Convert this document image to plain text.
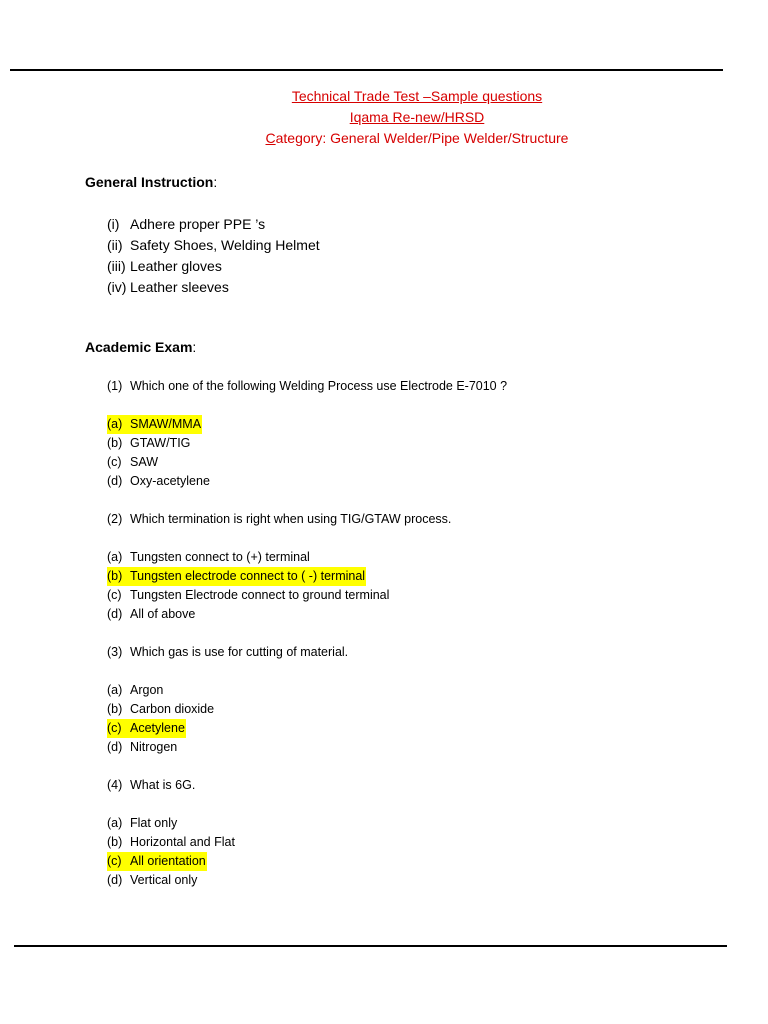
Technical Trade Test –Sample questions
Iqama Re-new/HRSD
Category: General Welder/Pipe Welder/Structure
General Instruction:
(i) Adhere proper PPE ’s
(ii) Safety Shoes, Welding Helmet
(iii) Leather gloves
(iv) Leather sleeves
Academic Exam:
(1) Which one of the following Welding Process use Electrode E-7010 ?
(a) SMAW/MMA
(b) GTAW/TIG
(c) SAW
(d) Oxy-acetylene
(2) Which termination is right when using TIG/GTAW process.
(a) Tungsten connect to (+) terminal
(b) Tungsten electrode connect to ( -) terminal
(c) Tungsten Electrode connect to ground terminal
(d) All of above
(3) Which gas is use for cutting of material.
(a) Argon
(b) Carbon dioxide
(c) Acetylene
(d) Nitrogen
(4) What is 6G.
(a) Flat only
(b) Horizontal and Flat
(c) All orientation
(d) Vertical only
